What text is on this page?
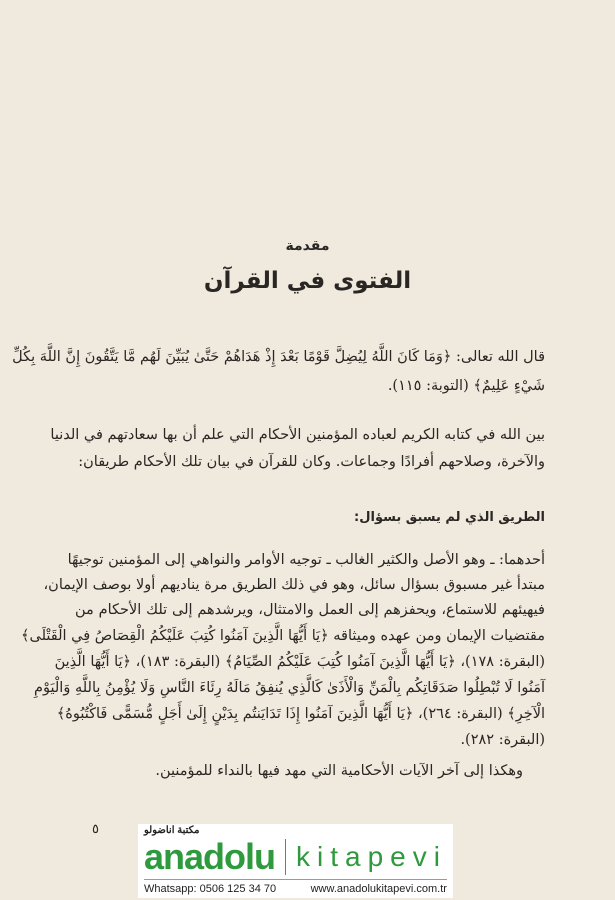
مقدمة
الفتوى في القرآن
قال الله تعالى: ﴿وَمَا كَانَ اللَّهُ لِيُضِلَّ قَوْمًا بَعْدَ إِذْ هَدَاهُمْ حَتَّىٰ يُبَيِّنَ لَهُم مَّا يَتَّقُونَ إِنَّ اللَّهَ بِكُلِّ
شَيْءٍ عَلِيمٌ﴾ (التوبة: ١١٥).
بين الله في كتابه الكريم لعباده المؤمنين الأحكام التي علم أن بها سعادتهم في الدنيا
والآخرة، وصلاحهم أفرادًا وجماعات. وكان للقرآن في بيان تلك الأحكام طريقان:
الطريق الذي لم يسبق بسؤال:
أحدهما: ـ وهو الأصل والكثير الغالب ـ توجيه الأوامر والنواهي إلى المؤمنين توجيهًا
مبتدأ غير مسبوق بسؤال سائل، وهو في ذلك الطريق مرة يناديهم أولا بوصف الإيمان،
فيهيئهم للاستماع، ويحفزهم إلى العمل والامتثال، ويرشدهم إلى تلك الأحكام من
مقتضيات الإيمان ومن عهده وميثاقه ﴿يَا أَيُّهَا الَّذِينَ آمَنُوا كُتِبَ عَلَيْكُمُ الْقِصَاصُ فِي الْقَتْلَى﴾
(البقرة: ١٧٨)، ﴿يَا أَيُّهَا الَّذِينَ آمَنُوا كُتِبَ عَلَيْكُمُ الصِّيَامُ﴾ (البقرة: ١٨٣)، ﴿يَا أَيُّهَا الَّذِينَ
آمَنُوا لَا تُبْطِلُوا صَدَقَاتِكُم بِالْمَنِّ وَالْأَذَىٰ كَالَّذِي يُنفِقُ مَالَهُ رِئَاءَ النَّاسِ وَلَا يُؤْمِنُ بِاللَّهِ وَالْيَوْمِ
الْآخِرِ﴾ (البقرة: ٢٦٤)، ﴿يَا أَيُّهَا الَّذِينَ آمَنُوا إِذَا تَدَايَنتُم بِدَيْنٍ إِلَىٰ أَجَلٍ مُّسَمًّى فَاكْتُبُوهُ﴾
(البقرة: ٢٨٢).
وهكذا إلى آخر الآيات الأحكامية التي مهد فيها بالنداء للمؤمنين.
٥	مكتبة اناضولو
anadolu kitapevi
Whatsapp: 0506 125 34 70	www.anadolukitapevi.com.tr
